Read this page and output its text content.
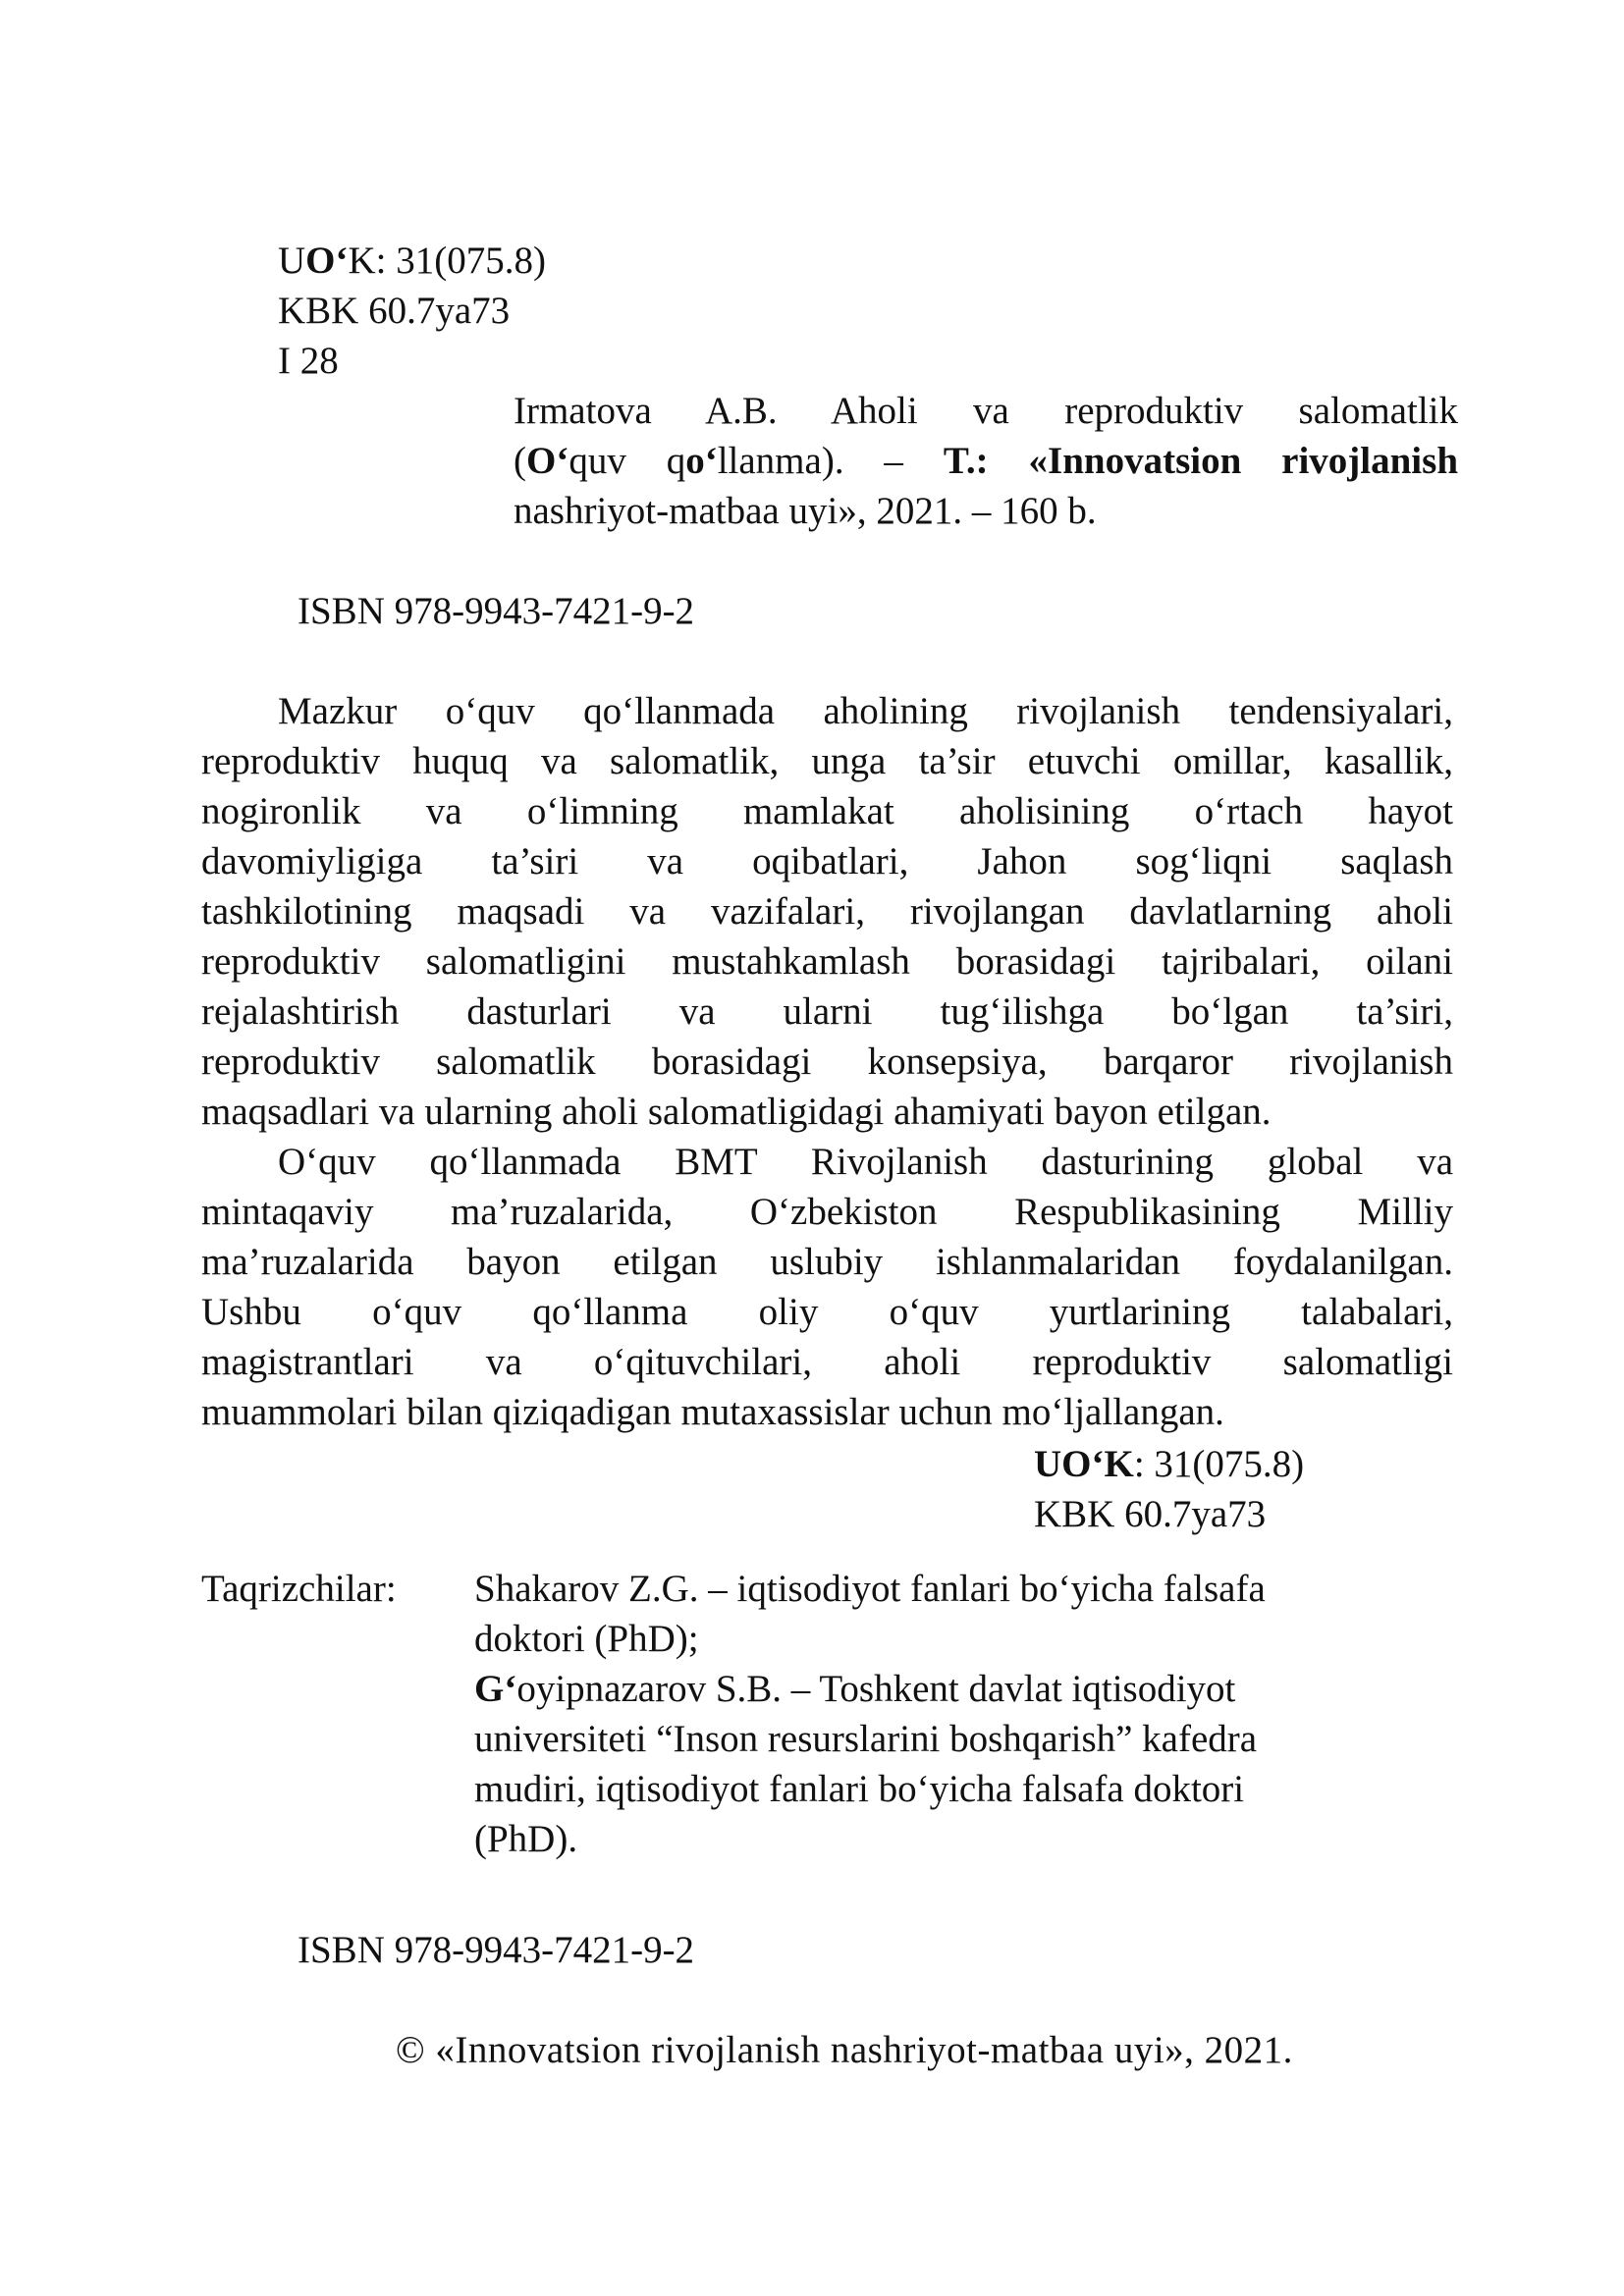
UO‘K: 31(075.8)
KBK 60.7ya73
I 28
Irmatova A.B. Aholi va reproduktiv salomatlik
(O‘quv qo‘llanma). – T.: «Innovatsion rivojlanish
nashriyot-matbaa uyi», 2021. – 160 b.
ISBN 978-9943-7421-9-2
Mazkur o‘quv qo‘llanmada aholining rivojlanish tendensiyalari,
reproduktiv huquq va salomatlik, unga ta’sir etuvchi omillar, kasallik,
nogironlik va o‘limning mamlakat aholisining o‘rtach hayot
davomiyligiga ta’siri va oqibatlari, Jahon sog‘liqni saqlash
tashkilotining maqsadi va vazifalari, rivojlangan davlatlarning aholi
reproduktiv salomatligini mustahkamlash borasidagi tajribalari, oilani
rejalashtirish dasturlari va ularni tug‘ilishga bo‘lgan ta’siri,
reproduktiv salomatlik borasidagi konsepsiya, barqaror rivojlanish
maqsadlari va ularning aholi salomatligidagi ahamiyati bayon etilgan.
O‘quv qo‘llanmada BMT Rivojlanish dasturining global va
mintaqaviy ma’ruzalarida, O‘zbekiston Respublikasining Milliy
ma’ruzalarida bayon etilgan uslubiy ishlanmalaridan foydalanilgan.
Ushbu o‘quv qo‘llanma oliy o‘quv yurtlarining talabalari,
magistrantlari va o‘qituvchilari, aholi reproduktiv salomatligi
muammolari bilan qiziqadigan mutaxassislar uchun mo‘ljallangan.
UO‘K: 31(075.8)
KBK 60.7ya73
Taqrizchilar: Shakarov Z.G. – iqtisodiyot fanlari bo‘yicha falsafa
doktori (PhD);
G‘oyipnazarov S.B. – Toshkent davlat iqtisodiyot
universiteti “Inson resurslarini boshqarish” kafedra
mudiri, iqtisodiyot fanlari bo‘yicha falsafa doktori
(PhD).
ISBN 978-9943-7421-9-2
© «Innovatsion rivojlanish nashriyot-matbaa uyi», 2021.
